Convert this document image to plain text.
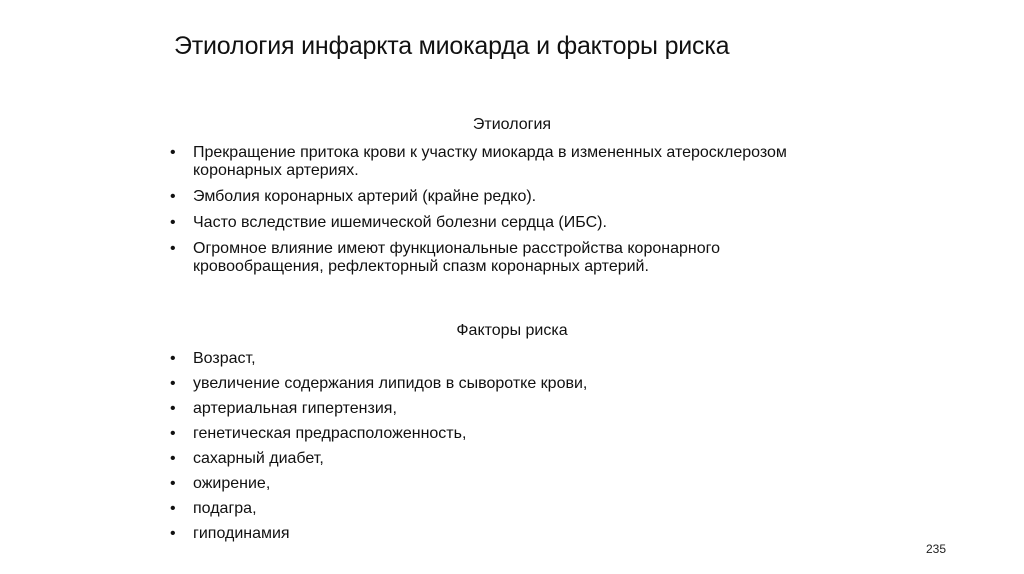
Этиология инфаркта миокарда и факторы риска
Этиология
• Прекращение притока крови к участку миокарда в измененных атеросклерозом коронарных артериях.
• Эмболия коронарных артерий (крайне редко).
• Часто вследствие ишемической болезни сердца (ИБС).
• Огромное влияние имеют функциональные расстройства коронарного кровообращения, рефлекторный спазм коронарных артерий.
Факторы риска
• Возраст,
• увеличение содержания липидов в сыворотке крови,
• артериальная гипертензия,
• генетическая предрасположенность,
• сахарный диабет,
• ожирение,
• подагра,
• гиподинамия
235
